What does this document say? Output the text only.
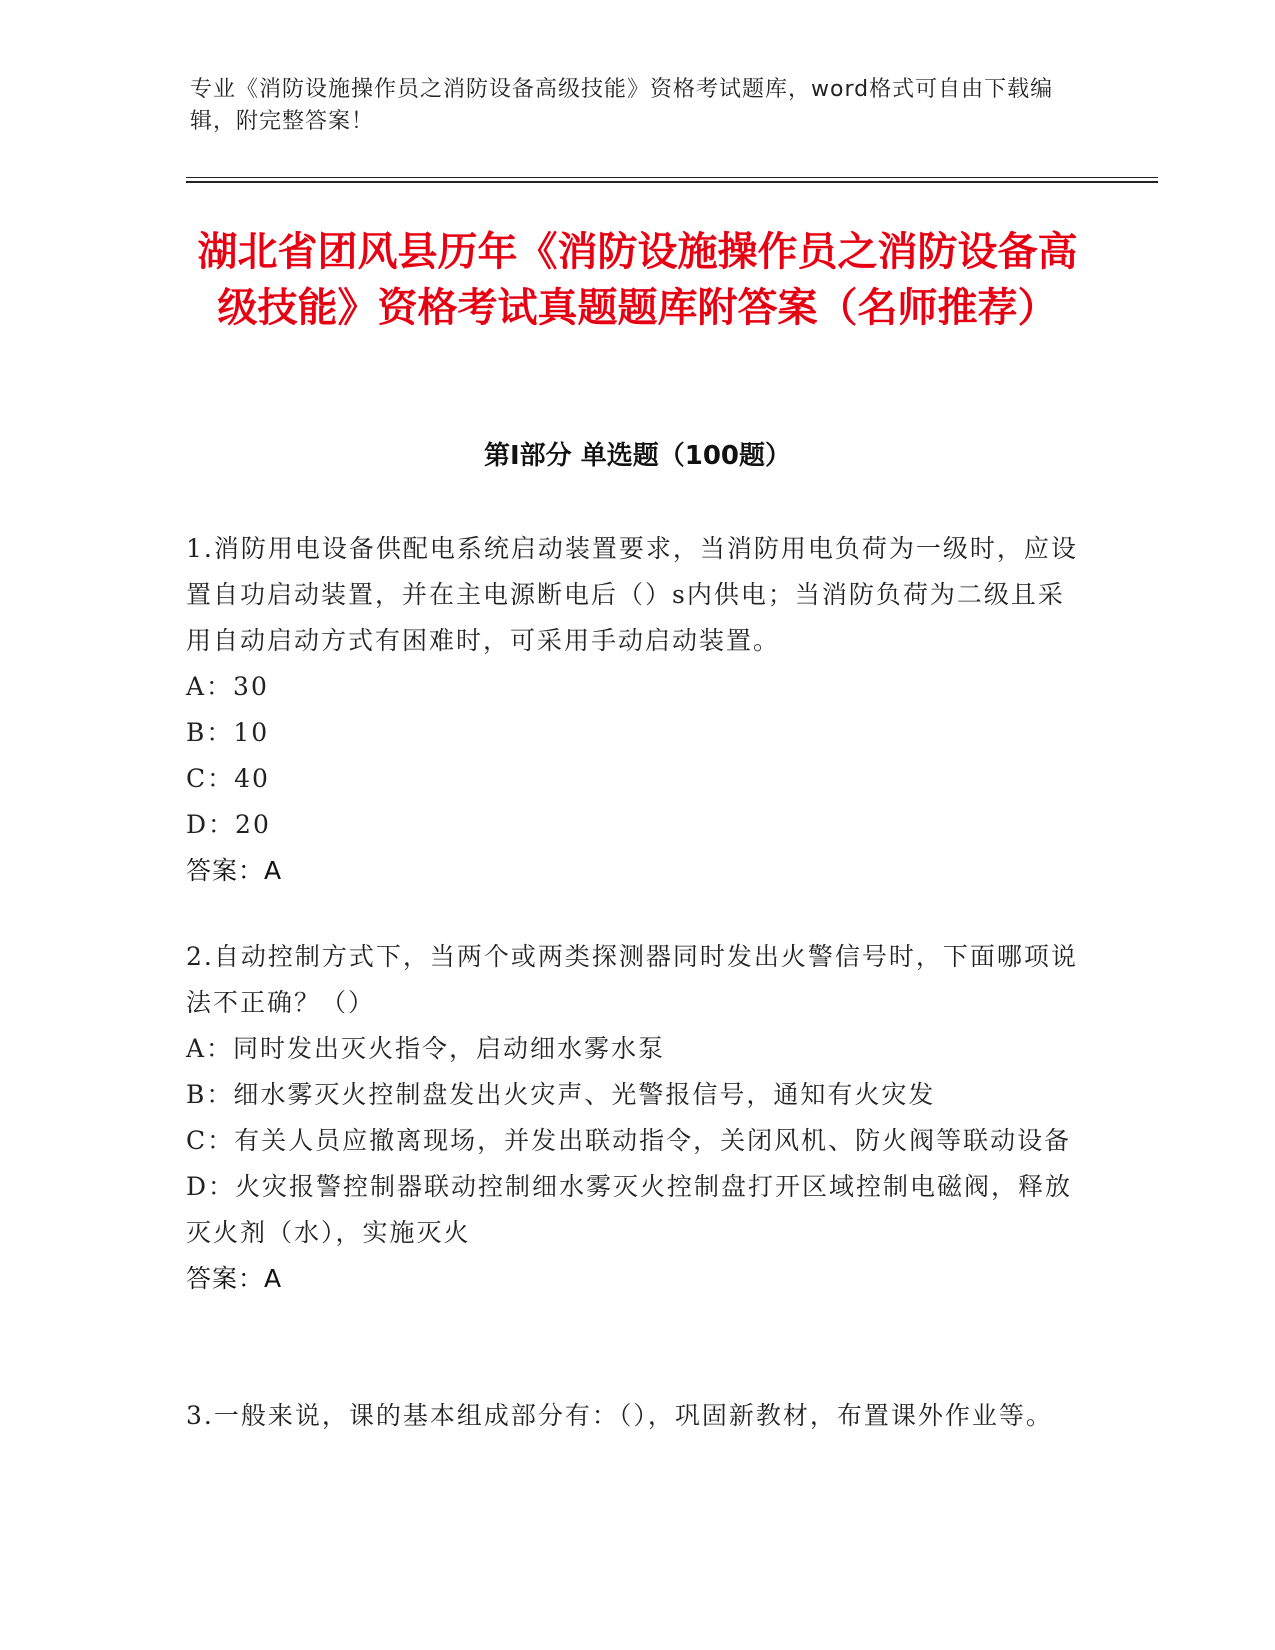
专业《消防设施操作员之消防设备高级技能》资格考试题库，word格式可自由下载编辑，附完整答案！
湖北省团风县历年《消防设施操作员之消防设备高级技能》资格考试真题题库附答案（名师推荐）
第I部分 单选题（100题）
1.消防用电设备供配电系统启动装置要求，当消防用电负荷为一级时，应设置自功启动装置，并在主电源断电后（）s内供电；当消防负荷为二级且采用自动启动方式有困难时，可采用手动启动装置。
A：30
B：10
C：40
D：20
答案：A
2.自动控制方式下，当两个或两类探测器同时发出火警信号时，下面哪项说法不正确？（）
A：同时发出灭火指令，启动细水雾水泵
B：细水雾灭火控制盘发出火灾声、光警报信号，通知有火灾发
C：有关人员应撤离现场，并发出联动指令，关闭风机、防火阀等联动设备
D：火灾报警控制器联动控制细水雾灭火控制盘打开区域控制电磁阀，释放灭火剂（水），实施灭火
答案：A
3.一般来说，课的基本组成部分有：（），巩固新教材，布置课外作业等。
